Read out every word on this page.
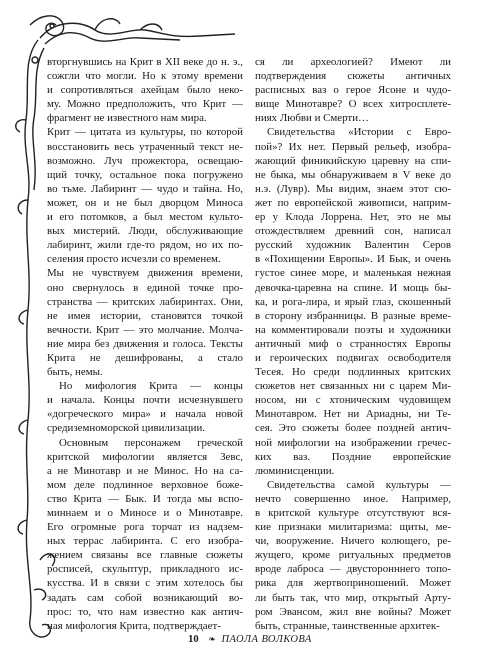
вторгнувшись на Крит в XII веке до н. э.,
сожгли что могли. Но к этому времени
и сопротивляться ахейцам было неко-
му. Можно предположить, что Крит —
фрагмент не известного нам мира.
Крит — цитата из культуры, по которой
восстановить весь утраченный текст не-
возможно. Луч прожектора, освещаю-
щий точку, остальное пока погружено
во тьме. Лабиринт — чудо и тайна. Но,
может, он и не был дворцом Миноса
и его потомков, а был местом культо-
вых мистерий. Люди, обслуживающие
лабиринт, жили где-то рядом, но их по-
селения просто исчезли со временем.
Мы не чувствуем движения времени,
оно свернулось в единой точке про-
странства — критских лабиринтах. Они,
не имея истории, становятся точкой
вечности. Крит — это молчание. Молча-
ние мира без движения и голоса. Тексты
Крита не дешифрованы, а стало
быть, немы.
Но мифология Крита — концы
и начала. Концы почти исчезнувшего
«догреческого мира» и начала новой
средиземноморской цивилизации.
Основным персонажем греческой
критской мифологии является Зевс,
а не Минотавр и не Минос. Но на са-
мом деле подлинное верховное боже-
ство Крита — Бык. И тогда мы вспо-
миннаем и о Миносе и о Минотавре.
Его огромные рога торчат из надзем-
ных террас лабиринта. С его изобра-
жением связаны все главные сюжеты
росписей, скульптур, прикладного ис-
кусства. И в связи с этим хотелось бы
задать сам собой возникающий во-
прос: то, что нам известно как антич-
ная мифология Крита, подтверждает-
ся ли археологией? Имеют ли
подтверждения сюжеты античных
расписных ваз о герое Ясоне и чудо-
вище Минотавре? О всех хитросплете-
ниях Любви и Смерти…
Свидетельства «Истории с Евро-
пой»? Их нет. Первый рельеф, изобра-
жающий финикийскую царевну на спи-
не быка, мы обнаруживаем в V веке до
н.э. (Лувр). Мы видим, знаем этот сю-
жет по европейской живописи, наприм-
ер у Клода Лоррена. Нет, это не мы
отождествляем древний сон, написал
русский художник Валентин Серов
в «Похищении Европы». И Бык, и очень
густое синее море, и маленькая нежная
девочка-царевна на спине. И мощь бы-
ка, и рога-лира, и ярый глаз, скошенный
в сторону избранницы. В разные време-
на комментировали поэты и художники
античный миф о странностях Европы
и героических подвигах освободителя
Тесея. Но среди подлинных критских
сюжетов нет связанных ни с царем Ми-
носом, ни с хтоническим чудовищем
Минотавром. Нет ни Ариадны, ни Те-
сея. Это сюжеты более поздней антич-
ной мифологии на изображении гречес-
ких ваз. Поздние европейские
люминисценции.
Свидетельства самой культуры —
нечто совершенно иное. Например,
в критской культуре отсутствуют вся-
кие признаки милитаризма: щиты, ме-
чи, вооружение. Ничего колющего, ре-
жущего, кроме ритуальных предметов
вроде лаброса — двусторонннего топо-
рика для жертвоприношений. Может
ли быть так, что мир, открытый Арту-
ром Эвансом, жил вне войны? Может
быть, странные, таинственные архитек-
10 ❧ ПАОЛА ВОЛКОВА
